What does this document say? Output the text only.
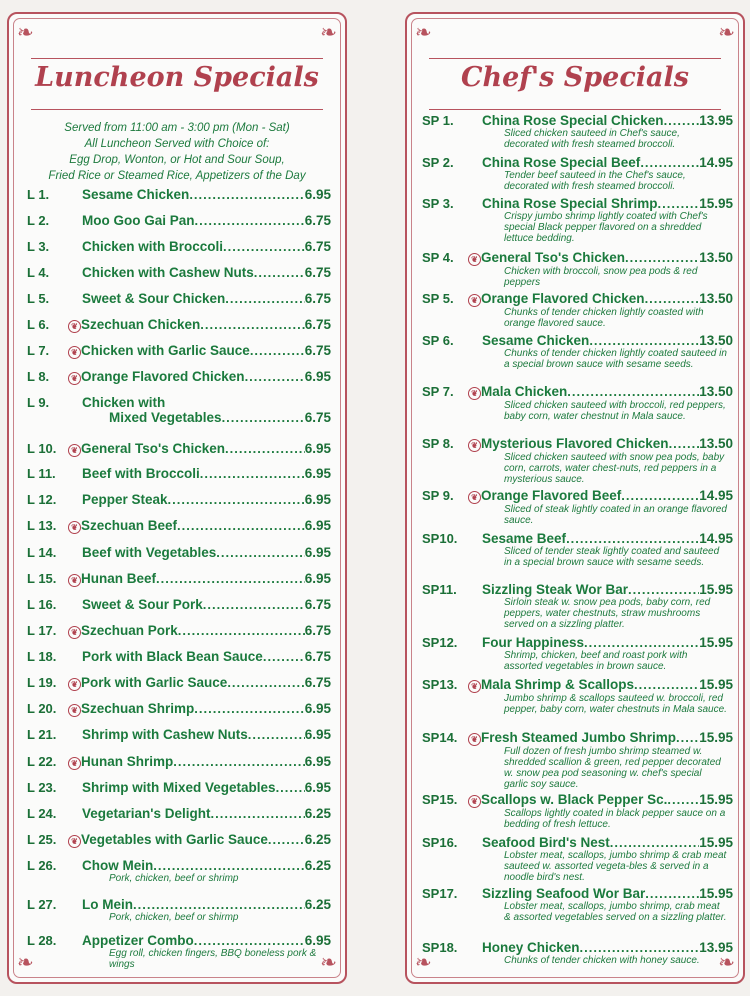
❧	❧
❧	❧
Luncheon Specials
Served from 11:00 am - 3:00 pm (Mon - Sat)
All Luncheon Served with Choice of:
Egg Drop, Wonton, or Hot and Sour Soup,
Fried Rice or Steamed Rice, Appetizers of the Day
L 1.	Sesame Chicken .....	6.95
L 2.	Moo Goo Gai Pan .....	6.75
L 3.	Chicken with Broccoli .....	6.75
L 4.	Chicken with Cashew Nuts .....	6.75
L 5.	Sweet & Sour Chicken .....	6.75
L 6.	❦ Szechuan Chicken .....	6.75
L 7.	❦ Chicken with Garlic Sauce .....	6.75
L 8.	❦ Orange Flavored Chicken .....	6.95
L 9.	Chicken with
Mixed Vegetables .....	6.75
L 10.	❦ General Tso's Chicken .....	6.95
L 11.	Beef with Broccoli .....	6.95
L 12.	Pepper Steak .....	6.95
L 13.	❦ Szechuan Beef .....	6.95
L 14.	Beef with Vegetables .....	6.95
L 15.	❦ Hunan Beef .....	6.95
L 16.	Sweet & Sour Pork .....	6.75
L 17.	❦ Szechuan Pork .....	6.75
L 18.	Pork with Black Bean Sauce .....	6.75
L 19.	❦ Pork with Garlic Sauce .....	6.75
L 20.	❦ Szechuan Shrimp .....	6.95
L 21.	Shrimp with Cashew Nuts .....	6.95
L 22.	❦ Hunan Shrimp .....	6.95
L 23.	Shrimp with Mixed Vegetables ..... 6.95
L 24.	Vegetarian's Delight .....	6.25
L 25.	❦ Vegetables with Garlic Sauce .....	6.25
L 26.	Chow Mein .....	6.25
Pork, chicken, beef or shrimp
L 27.	Lo Mein .....	6.25
Pork, chicken, beef or shirmp
L 28.	Appetizer Combo .....	6.95
Egg roll, chicken fingers, BBQ boneless pork & wings
❧	❧
❧	❧
Chef's Specials
SP 1.	China Rose Special Chicken .....	13.95
Sliced chicken sauteed in Chef's sauce, decorated with fresh steamed broccoli.
SP 2.	China Rose Special Beef .....	14.95
Tender beef sauteed in the Chef's sauce, decorated with fresh steamed broccoli.
SP 3.	China Rose Special Shrimp .....	15.95
Crispy jumbo shrimp lightly coated with Chef's special Black pepper flavored on a shredded lettuce bedding.
SP 4.	❦ General Tso's Chicken .....	13.50
Chicken with broccoli, snow pea pods & red peppers
SP 5.	❦ Orange Flavored Chicken .....	13.50
Chunks of tender chicken lightly coasted with orange flavored sauce.
SP 6.	Sesame Chicken .....	13.50
Chunks of tender chicken lightly coated sauteed in a special brown sauce with sesame seeds.
SP 7.	❦ Mala Chicken .....	13.50
Sliced chicken sauteed with broccoli, red peppers, baby corn, water chestnut in Mala sauce.
SP 8.	❦ Mysterious Flavored Chicken ..... 13.50
Sliced chicken sauteed with snow pea pods, baby corn, carrots, water chest-nuts, red peppers in a mysterious sauce.
SP 9.	❦ Orange Flavored Beef .....	14.95
Sliced of steak lightly coated in an orange flavored sauce.
SP10.	Sesame Beef .....	14.95
Sliced of tender steak lightly coated and sauteed in a special brown sauce with sesame seeds.
SP11.	Sizzling Steak Wor Bar .....	15.95
Sirloin steak w. snow pea pods, baby corn, red peppers, water chestnuts, straw mushrooms served on a sizzling platter.
SP12.	Four Happiness .....	15.95
Shrimp, chicken, beef and roast pork with assorted vegetables in brown sauce.
SP13.	❦ Mala Shrimp & Scallops .....	15.95
Jumbo shrimp & scallops sauteed w. broccoli, red pepper, baby corn, water chestnuts in Mala sauce.
SP14.	❦ Fresh Steamed Jumbo Shrimp ..... 15.95
Full dozen of fresh jumbo shrimp steamed w. shredded scallion & green, red pepper decorated w. snow pea pod seasoning w. chef's special garlic soy sauce.
SP15.	❦ Scallops w. Black Pepper Sc. ..... 15.95
Scallops lightly coated in black pepper sauce on a bedding of fresh lettuce.
SP16.	Seafood Bird's Nest .....	15.95
Lobster meat, scallops, jumbo shrimp & crab meat sauteed w. assorted vegeta-bles & served in a noodle bird's nest.
SP17.	Sizzling Seafood Wor Bar .....	15.95
Lobster meat, scallops, jumbo shrimp, crab meat & assorted vegetables served on a sizzling platter.
SP18.	Honey Chicken .....	13.95
Chunks of tender chicken with honey sauce.
